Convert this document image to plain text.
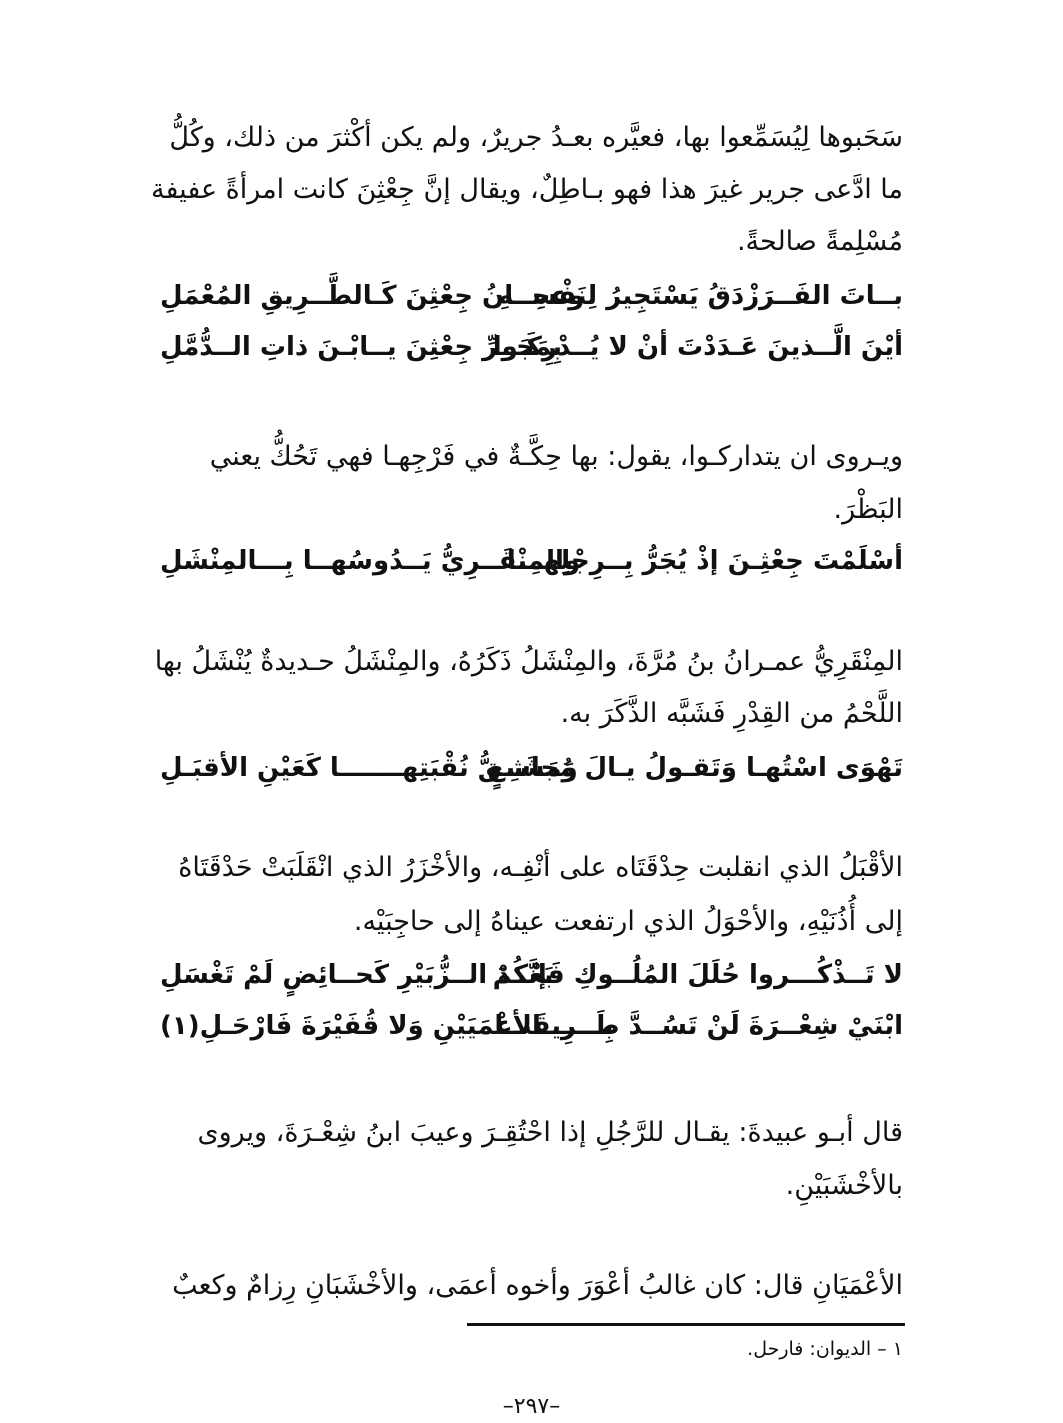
سَحَبوها لِيُسَمِّعوا بها، فعيَّره بعـدُ جريرٌ، ولم يكن أكْثرَ من ذلك، وكُلُّ
ما ادَّعى جرير غيرَ هذا فهو بـاطِلٌ، ويقال إنَّ جِعْثِنَ كانت امرأةً عفيفة
مُسْلِمةً صالحةً.
بــاتَ الفَــرَزْدَقُ يَسْتَجِيرُ لِنَفْسِــهِ
وعجــانُ جِعْثِنَ كَـالطَّــرِيقِ المُعْمَلِ
أيْنَ الَّــذينَ عَـدَدْتَ أنْ لا يُــدْرِكَـوا
بِمَجَــرِّ جِعْثِنَ يــابْـنَ ذاتِ الــدُّمَّلِ
ويـروى ان يتداركـوا، يقول: بها حِكَّـةٌ في فَرْجِهـا فهي تَحُكُّ يعني
البَظْرَ.
أسْلَمْتَ جِعْثِـنَ إذْ يُجَرُّ بِــرِجْلِهـــا
والمِنْقَــرِيُّ يَــدُوسُهــا بِـــالمِنْشَلِ
المِنْقَرِيُّ عمـرانُ بنُ مُرَّةَ، والمِنْشَلُ ذَكَرُهُ، والمِنْشَلُ حـديدةٌ يُنْشَلُ بها
اللَّحْمُ من القِدْرِ فَشَبَّه الذَّكَرَ به.
تَهْوَى اسْتُهـا وَتَقـولُ يـالَ مُجاشِعٍ
وَمَشَــقُّ نُقْبَتِهـــــــا كَعَيْنِ الأقبَـلِ
الأقْبَلُ الذي انقلبت حِدْقَتَاه على أنْفِـه، والأخْزَرُ الذي انْقَلَبَتْ حَدْقَتَاهُ
إلى أُذُنَيْهِ، والأحْوَلُ الذي ارتفعت عيناهُ إلى حاجِبَيْه.
لا تَــذْكُـــروا حُلَلَ المُلُــوكِ فَإنَّكُمْ
بَعْــدَ الــزُّبَيْرِ كَحــائِضٍ لَمْ تَغْسَلِ
ابْنَيْ شِعْــرَةَ لَنْ تَسُــدَّ طَــرِيقَنــا
بِـــــــالأعْمَيَيْنِ وَلا قُفَيْرَةَ فَارْحَـلِ(١)
قال أبـو عبيدةَ: يقـال للرَّجُلِ إذا احْتُقِـرَ وعيبَ ابنُ شِعْـرَةَ، ويروى
بالأخْشَبَيْنِ.
الأعْمَيَانِ قال: كان غالبُ أعْوَرَ وأخوه أعمَى، والأخْشَبَانِ رِزامٌ وكعبٌ
١ – الديوان: فارحل.
–٢٩٧–
